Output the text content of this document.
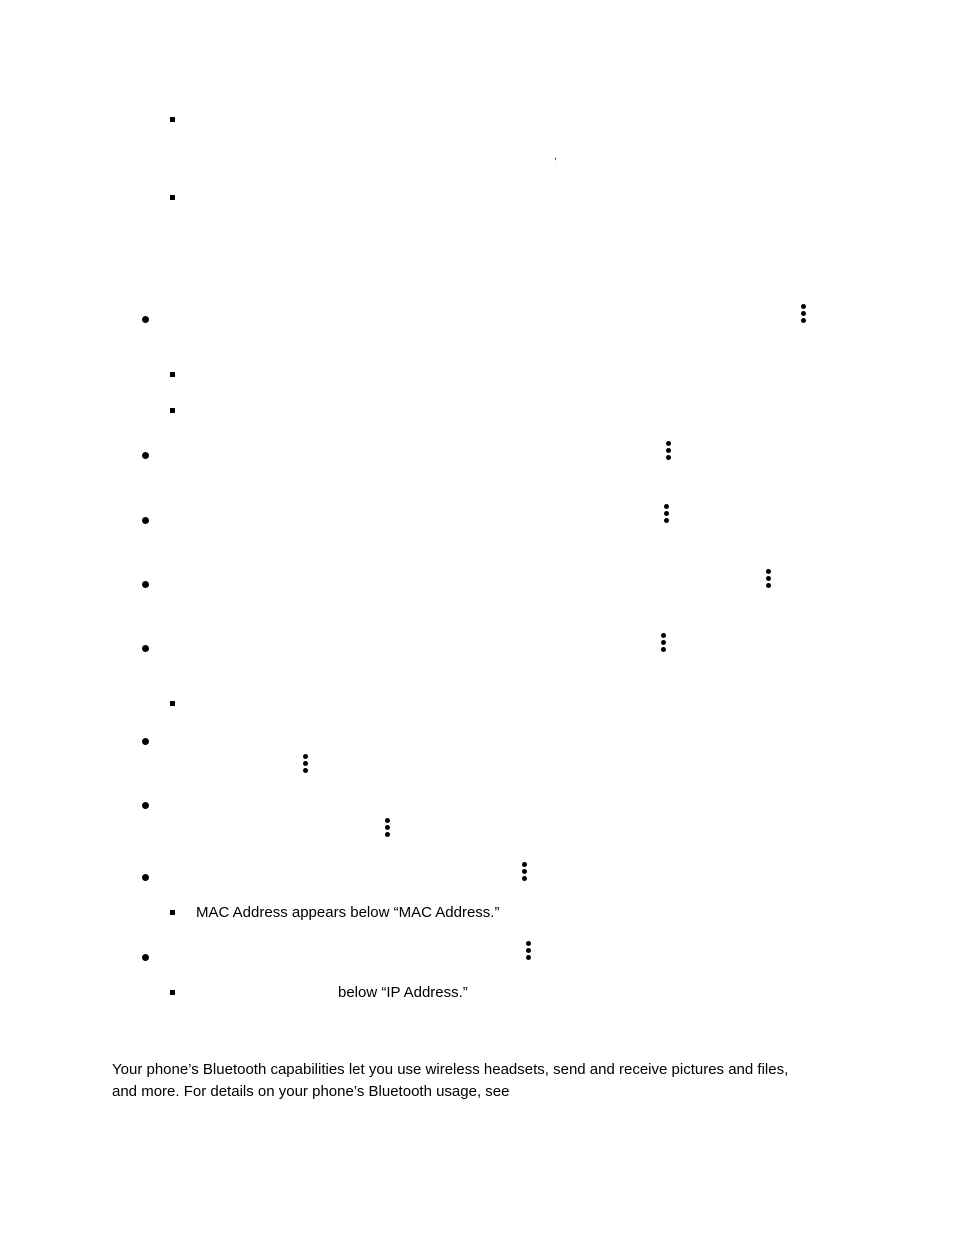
,
MAC Address appears below “MAC Address.”
below “IP Address.”
Your phone’s Bluetooth capabilities let you use wireless headsets, send and receive pictures and files,
and more. For details on your phone’s Bluetooth usage, see
